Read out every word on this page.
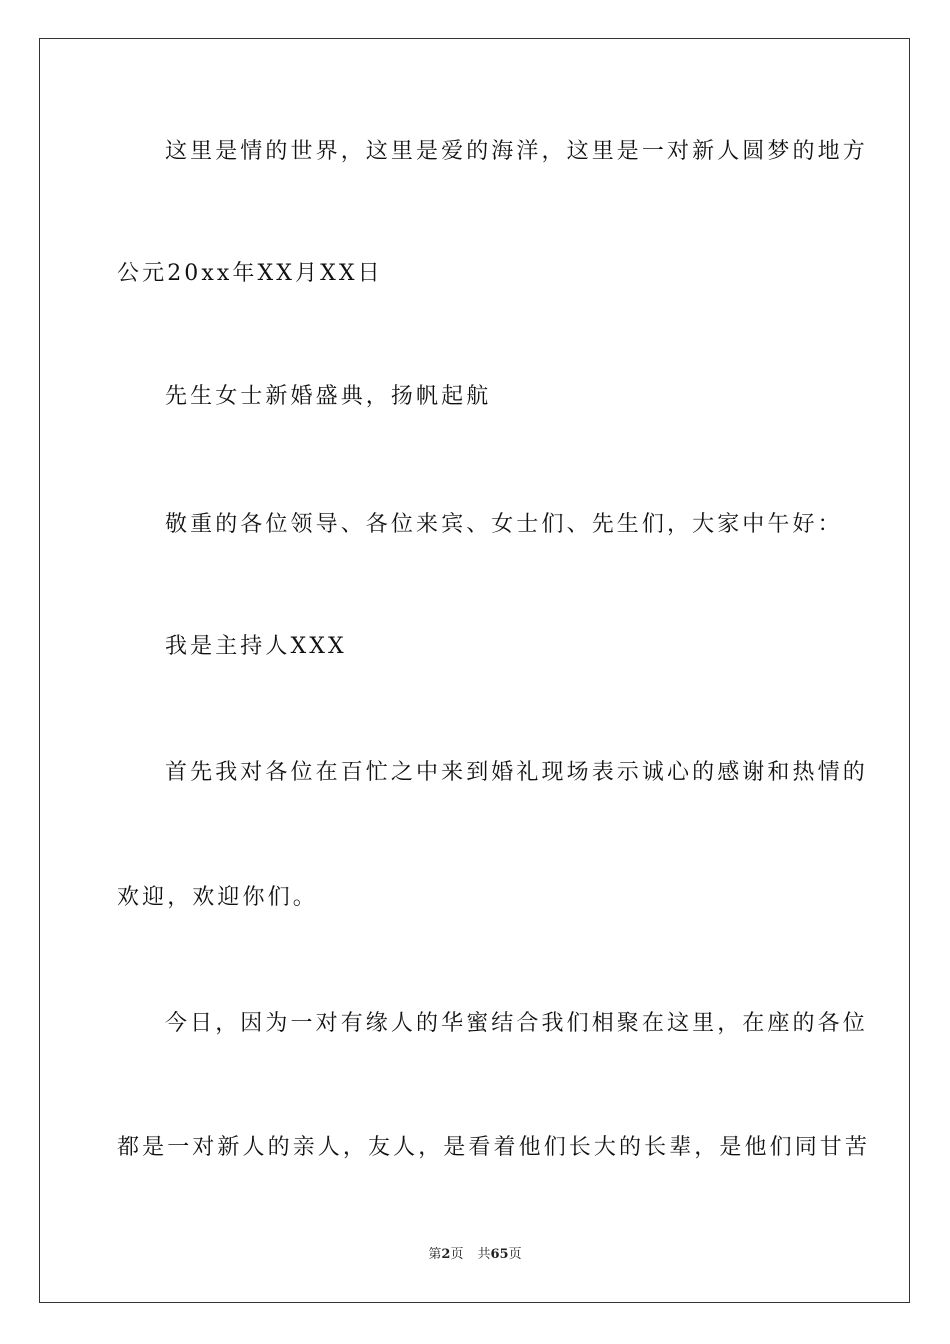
这里是情的世界，这里是爱的海洋，这里是一对新人圆梦的地方
公元20xx年XX月XX日
先生女士新婚盛典，扬帆起航
敬重的各位领导、各位来宾、女士们、先生们，大家中午好：
我是主持人XXX
首先我对各位在百忙之中来到婚礼现场表示诚心的感谢和热情的
欢迎，欢迎你们。
今日，因为一对有缘人的华蜜结合我们相聚在这里，在座的各位
都是一对新人的亲人，友人，是看着他们长大的长辈，是他们同甘苦
第2页 共65页
